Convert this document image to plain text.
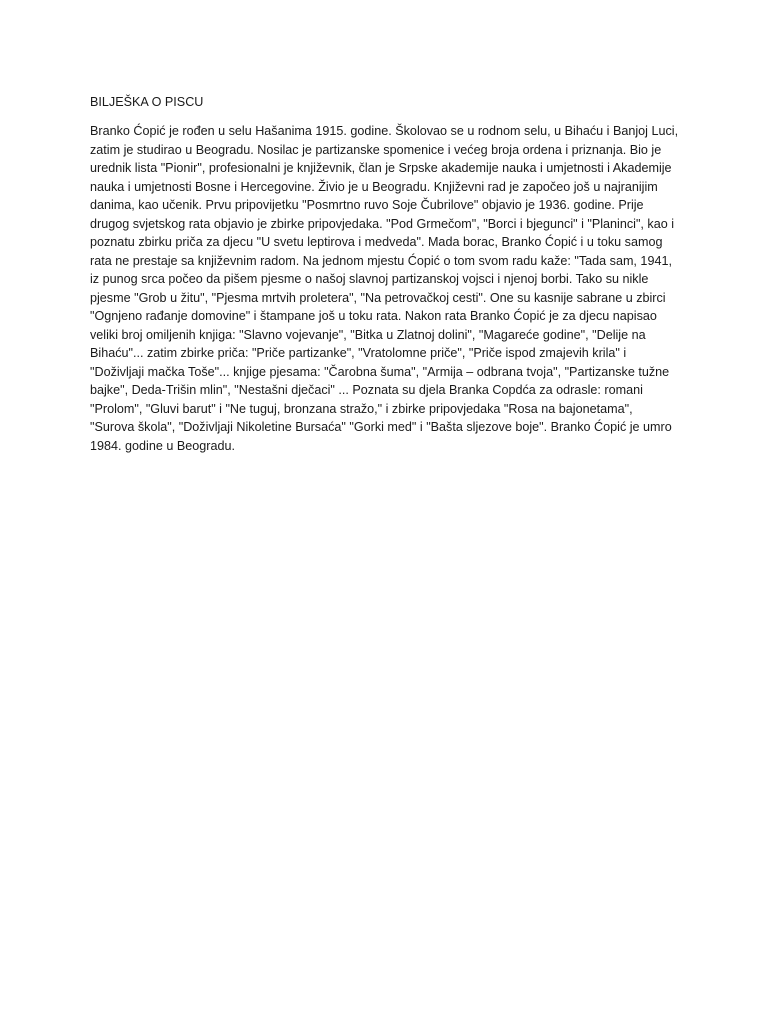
BILJEŠKA O PISCU
Branko Ćopić je rođen u selu Hašanima 1915. godine. Školovao se u rodnom selu, u Bihaću i Banjoj Luci,
zatim je studirao u Beogradu. Nosilac je partizanske spomenice i većeg broja ordena i priznanja. Bio je
urednik lista "Pionir", profesionalni je književnik, član je Srpske akademije nauka i umjetnosti i Akademije
nauka i umjetnosti Bosne i Hercegovine. Živio je u Beogradu. Književni rad je započeo još u najranijim
danima, kao učenik. Prvu pripovijetku "Posmrtno ruvo Soje Čubrilove" objavio je 1936. godine. Prije
drugog svjetskog rata objavio je zbirke pripovjedaka. "Pod Grmečom", "Borci i bjegunci" i "Planinci", kao i
poznatu zbirku priča za djecu "U svetu leptirova i medveda". Mada borac, Branko Ćopić i u toku samog
rata ne prestaje sa književnim radom. Na jednom mjestu Ćopić o tom svom radu kaže: "Tada sam, 1941,
iz punog srca počeo da pišem pjesme o našoj slavnoj partizanskoj vojsci i njenoj borbi. Tako su nikle
pjesme "Grob u žitu", "Pjesma mrtvih proletera", "Na petrovačkoj cesti". One su kasnije sabrane u zbirci
"Ognjeno rađanje domovine" i štampane još u toku rata. Nakon rata Branko Ćopić je za djecu napisao
veliki broj omiljenih knjiga: "Slavno vojevanje", "Bitka u Zlatnoj dolini", "Magareće godine", "Delije na
Bihaću"... zatim zbirke priča: "Priče partizanke", "Vratolomne priče", "Priče ispod zmajevih krila" i
"Doživljaji mačka Toše"... knjige pjesama: "Čarobna šuma", "Armija – odbrana tvoja", "Partizanske tužne
bajke", Deda-Trišin mlin", "Nestašni dječaci" ... Poznata su djela Branka Copdća za odrasle: romani
"Prolom", "Gluvi barut" i "Ne tuguj, bronzana stražo," i zbirke pripovjedaka "Rosa na bajonetama",
"Surova škola", "Doživljaji Nikoletine Bursaća" "Gorki med" i "Bašta sljezove boje". Branko Ćopić je umro
1984. godine u Beogradu.
